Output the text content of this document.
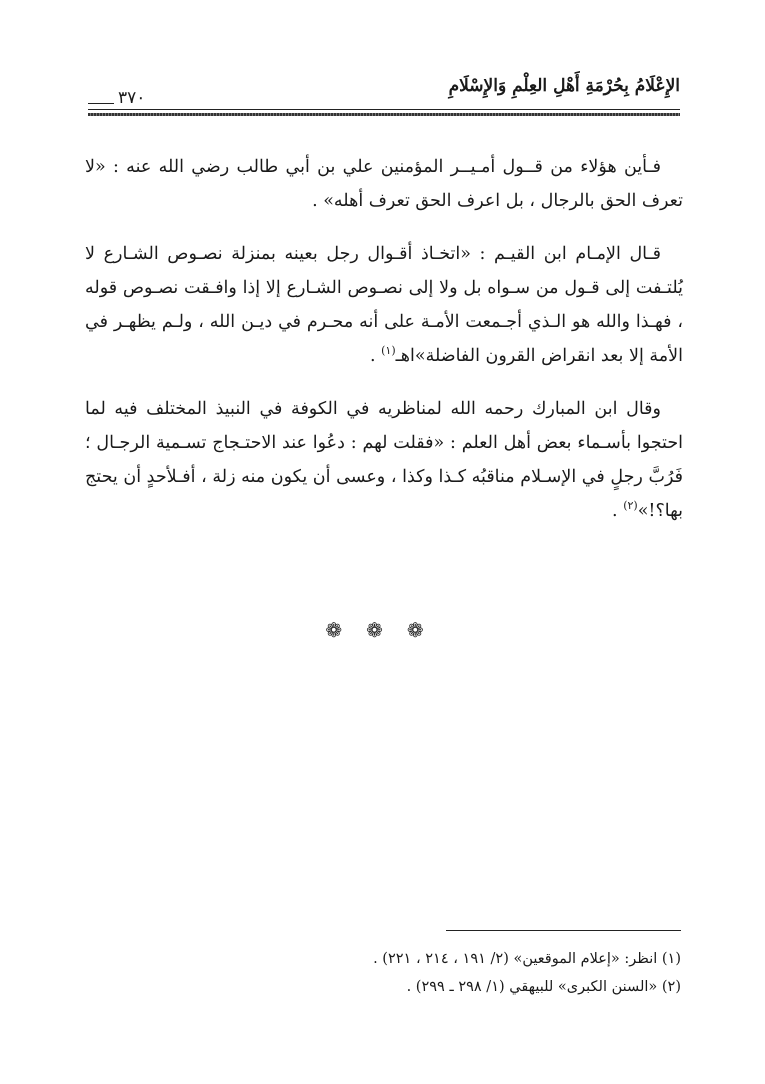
الإِعْلَامُ بِحُرْمَةِ أَهْلِ العِلْمِ وَالإِسْلَامِ
٣٧٠

فـأين هؤلاء من قــول أمـيــر المؤمنين علي بن أبي طالب رضي الله عنه : «لا تعرف الحق بالرجال ، بل اعرف الحق تعرف أهله» .

قـال الإمـام ابن القيـم : «اتخـاذ أقـوال رجل بعينه بمنزلة نصـوص الشـارع لا يُلتـفت إلى قـول من سـواه بل ولا إلى نصـوص الشـارع إلا إذا وافـقت نصـوص قوله ، فهـذا والله هو الـذي أجـمعت الأمـة على أنه محـرم في ديـن الله ، ولـم يظهـر في الأمة إلا بعد انقراض القرون الفاضلة»اهـ$^{(١)}$ .

وقال ابن المبارك رحمه الله لمناظريه في الكوفة في النبيذ المختلف فيه لما احتجوا بأسـماء بعض أهل العلم : «فقلت لهم : دعُوا عند الاحتـجاج تسـمية الرجـال ؛ فَرُبَّ رجلٍ في الإسـلام مناقبُه كـذا وكذا ، وعسى أن يكون منه زلة ، أفـلأحدٍ أن يحتج بها؟!»$^{(٢)}$ .

❁❁❁
(١) انظر: «إعلام الموقعين» (٢/ ١٩١ ، ٢١٤ ، ٢٢١) .
(٢) «السنن الكبرى» للبيهقي (١/ ٢٩٨ ـ ٢٩٩) .
